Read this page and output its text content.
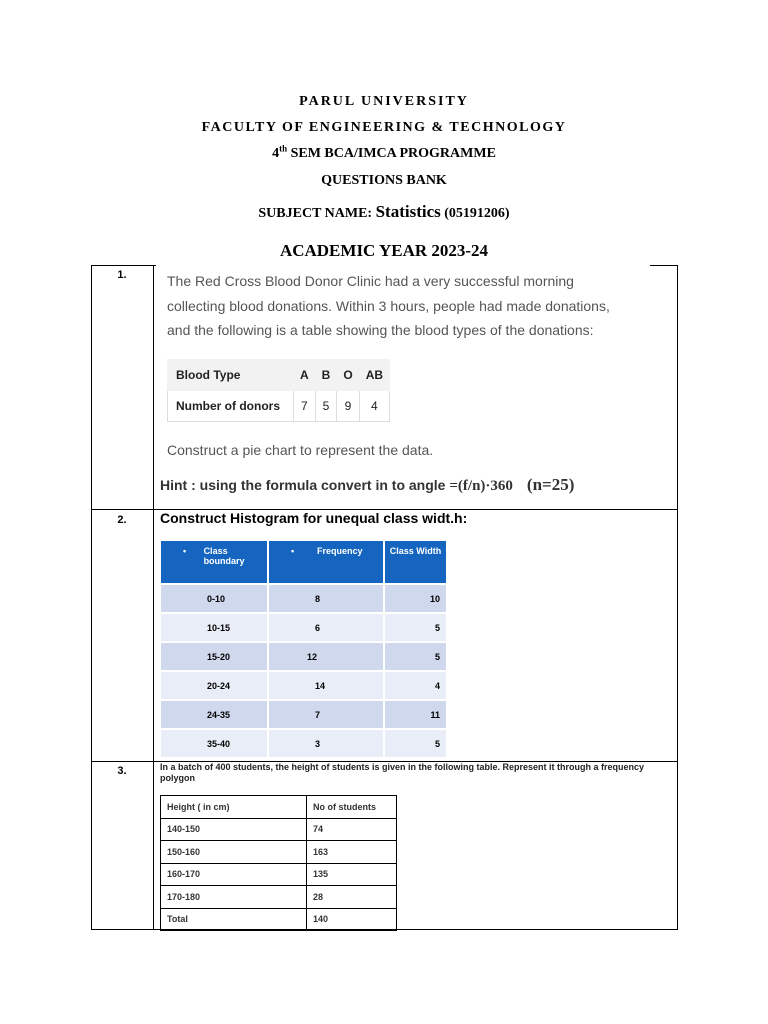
PARUL UNIVERSITY
FACULTY OF ENGINEERING & TECHNOLOGY
4th SEM BCA/IMCA PROGRAMME
QUESTIONS BANK
SUBJECT NAME: Statistics (05191206)
ACADEMIC YEAR 2023-24
1.	The Red Cross Blood Donor Clinic had a very successful morning
collecting blood donations. Within 3 hours, people had made donations,
and the following is a table showing the blood types of the donations:
Blood Type	A	B	O	AB
Number of donors	7	5	9	4
Construct a pie chart to represent the data.
Hint : using the formula convert in to angle =(f/n)·360 (n=25)
2.	Construct Histogram for unequal class widt.h:
• Class boundary	• Frequency	Class Width
0-10	8	10
10-15	6	5
15-20	12	5
20-24	14	4
24-35	7	11
35-40	3	5
3.	In a batch of 400 students, the height of students is given in the following table. Represent it through a frequency polygon
Height ( in cm)	No of students
140-150	74
150-160	163
160-170	135
170-180	28
Total	140
